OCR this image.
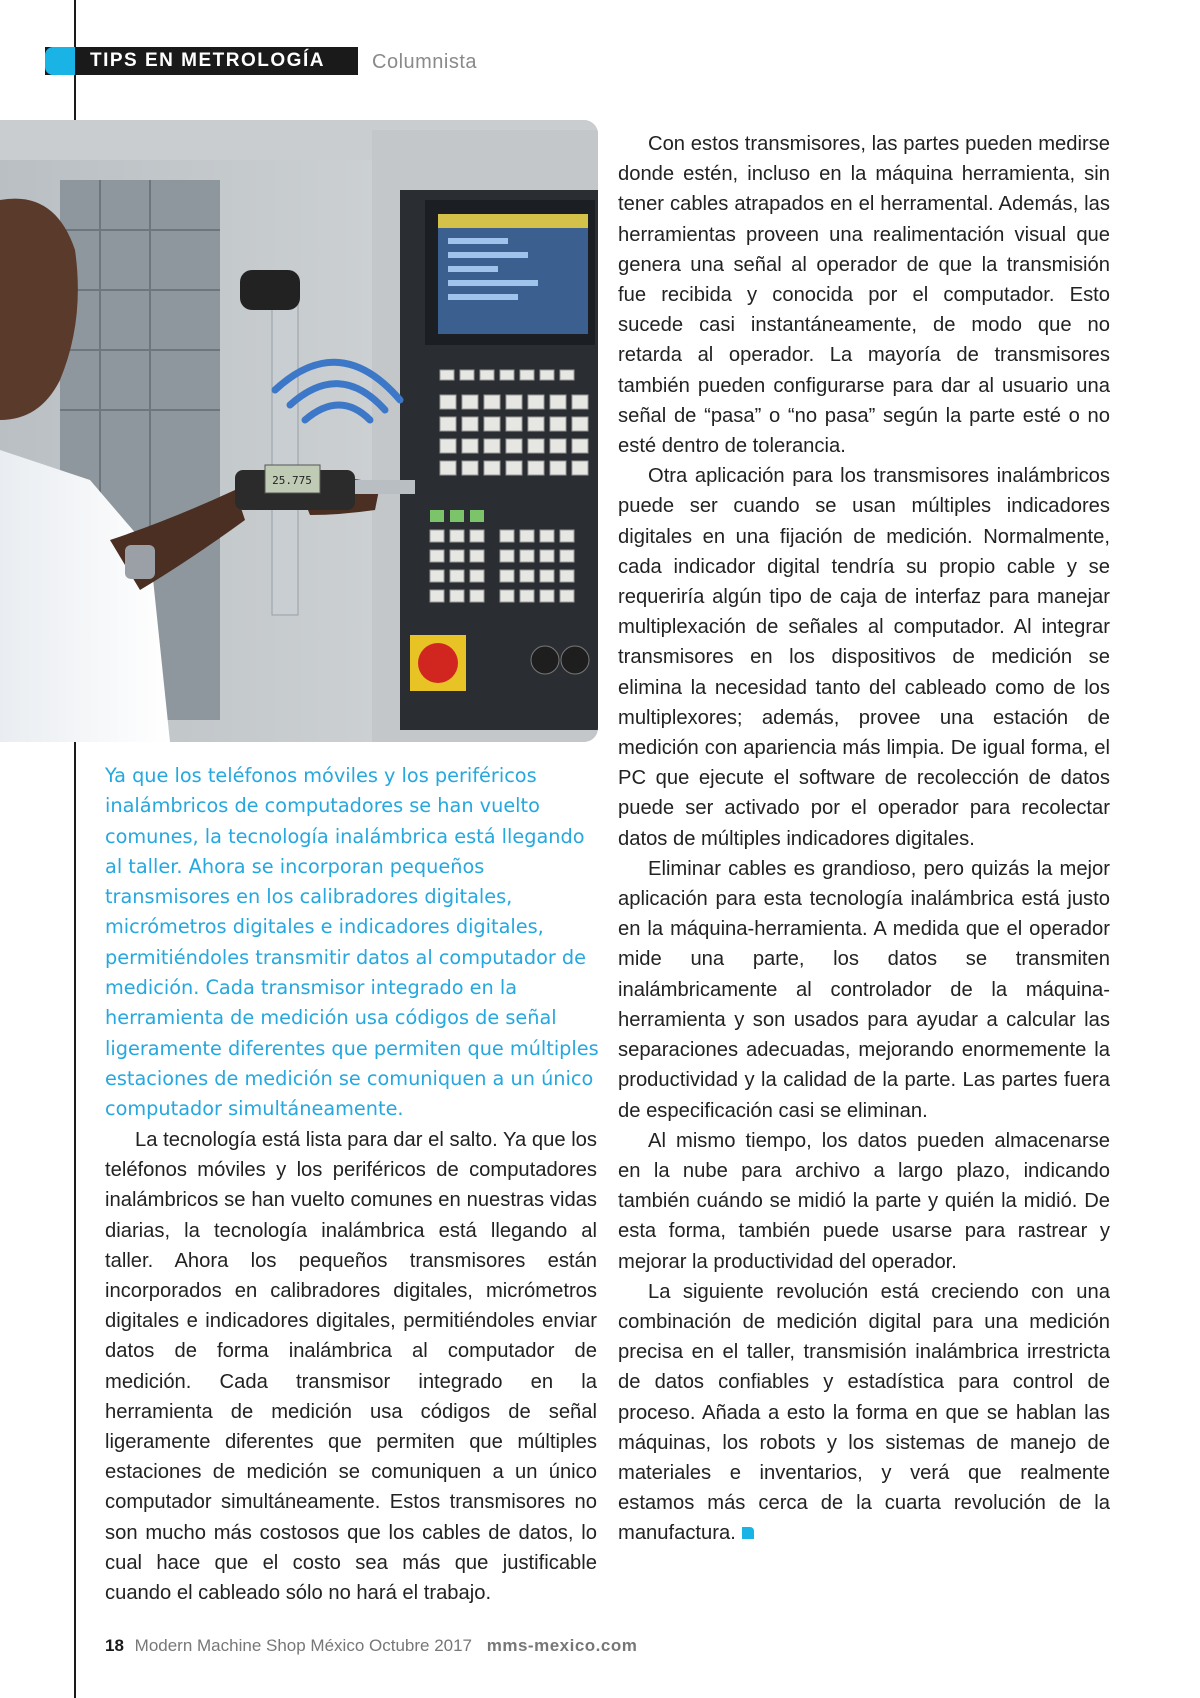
TIPS EN METROLOGÍA Columnista
25.775

Ya que los teléfonos móviles y los periféricos inalámbricos de computadores se han vuelto comunes, la tecnología inalámbrica está llegando al taller. Ahora se incorporan pequeños transmisores en los calibradores digitales, micrómetros digitales e indicadores digitales, permitiéndoles transmitir datos al computador de medición. Cada transmisor integrado en la herramienta de medición usa códigos de señal ligeramente diferentes que permiten que múltiples estaciones de medición se comuniquen a un único computador simultáneamente.

La tecnología está lista para dar el salto. Ya que los teléfonos móviles y los periféricos de computadores inalámbricos se han vuelto comunes en nuestras vidas diarias, la tecnología inalámbrica está llegando al taller. Ahora los pequeños transmisores están incorporados en calibradores digitales, micrómetros digitales e indicadores digitales, permitiéndoles enviar datos de forma inalámbrica al computador de medición. Cada transmisor integrado en la herramienta de medición usa códigos de señal ligeramente diferentes que permiten que múltiples estaciones de medición se comuniquen a un único computador simultáneamente. Estos transmisores no son mucho más costosos que los cables de datos, lo cual hace que el costo sea más que justificable cuando el cableado sólo no hará el trabajo.

Con estos transmisores, las partes pueden medirse donde estén, incluso en la máquina herramienta, sin tener cables atrapados en el herramental. Además, las herramientas proveen una realimentación visual que genera una señal al operador de que la transmisión fue recibida y conocida por el computador. Esto sucede casi instantáneamente, de modo que no retarda al operador. La mayoría de transmisores también pueden configurarse para dar al usuario una señal de “pasa” o “no pasa” según la parte esté o no esté dentro de tolerancia.

Otra aplicación para los transmisores inalámbricos puede ser cuando se usan múltiples indicadores digitales en una fijación de medición. Normalmente, cada indicador digital tendría su propio cable y se requeriría algún tipo de caja de interfaz para manejar multiplexación de señales al computador. Al integrar transmisores en los dispositivos de medición se elimina la necesidad tanto del cableado como de los multiplexores; además, provee una estación de medición con apariencia más limpia. De igual forma, el PC que ejecute el software de recolección de datos puede ser activado por el operador para recolectar datos de múltiples indicadores digitales.

Eliminar cables es grandioso, pero quizás la mejor aplicación para esta tecnología inalámbrica está justo en la máquina-herramienta. A medida que el operador mide una parte, los datos se transmiten inalámbricamente al controlador de la máquina-herramienta y son usados para ayudar a calcular las separaciones adecuadas, mejorando enormemente la productividad y la calidad de la parte. Las partes fuera de especificación casi se eliminan.

Al mismo tiempo, los datos pueden almacenarse en la nube para archivo a largo plazo, indicando también cuándo se midió la parte y quién la midió. De esta forma, también puede usarse para rastrear y mejorar la productividad del operador.

La siguiente revolución está creciendo con una combinación de medición digital para una medición precisa en el taller, transmisión inalámbrica irrestricta de datos confiables y estadística para control de proceso. Añada a esto la forma en que se hablan las máquinas, los robots y los sistemas de manejo de materiales e inventarios, y verá que realmente estamos más cerca de la cuarta revolución de la manufactura.

18 Modern Machine Shop México Octubre 2017 mms-mexico.com
